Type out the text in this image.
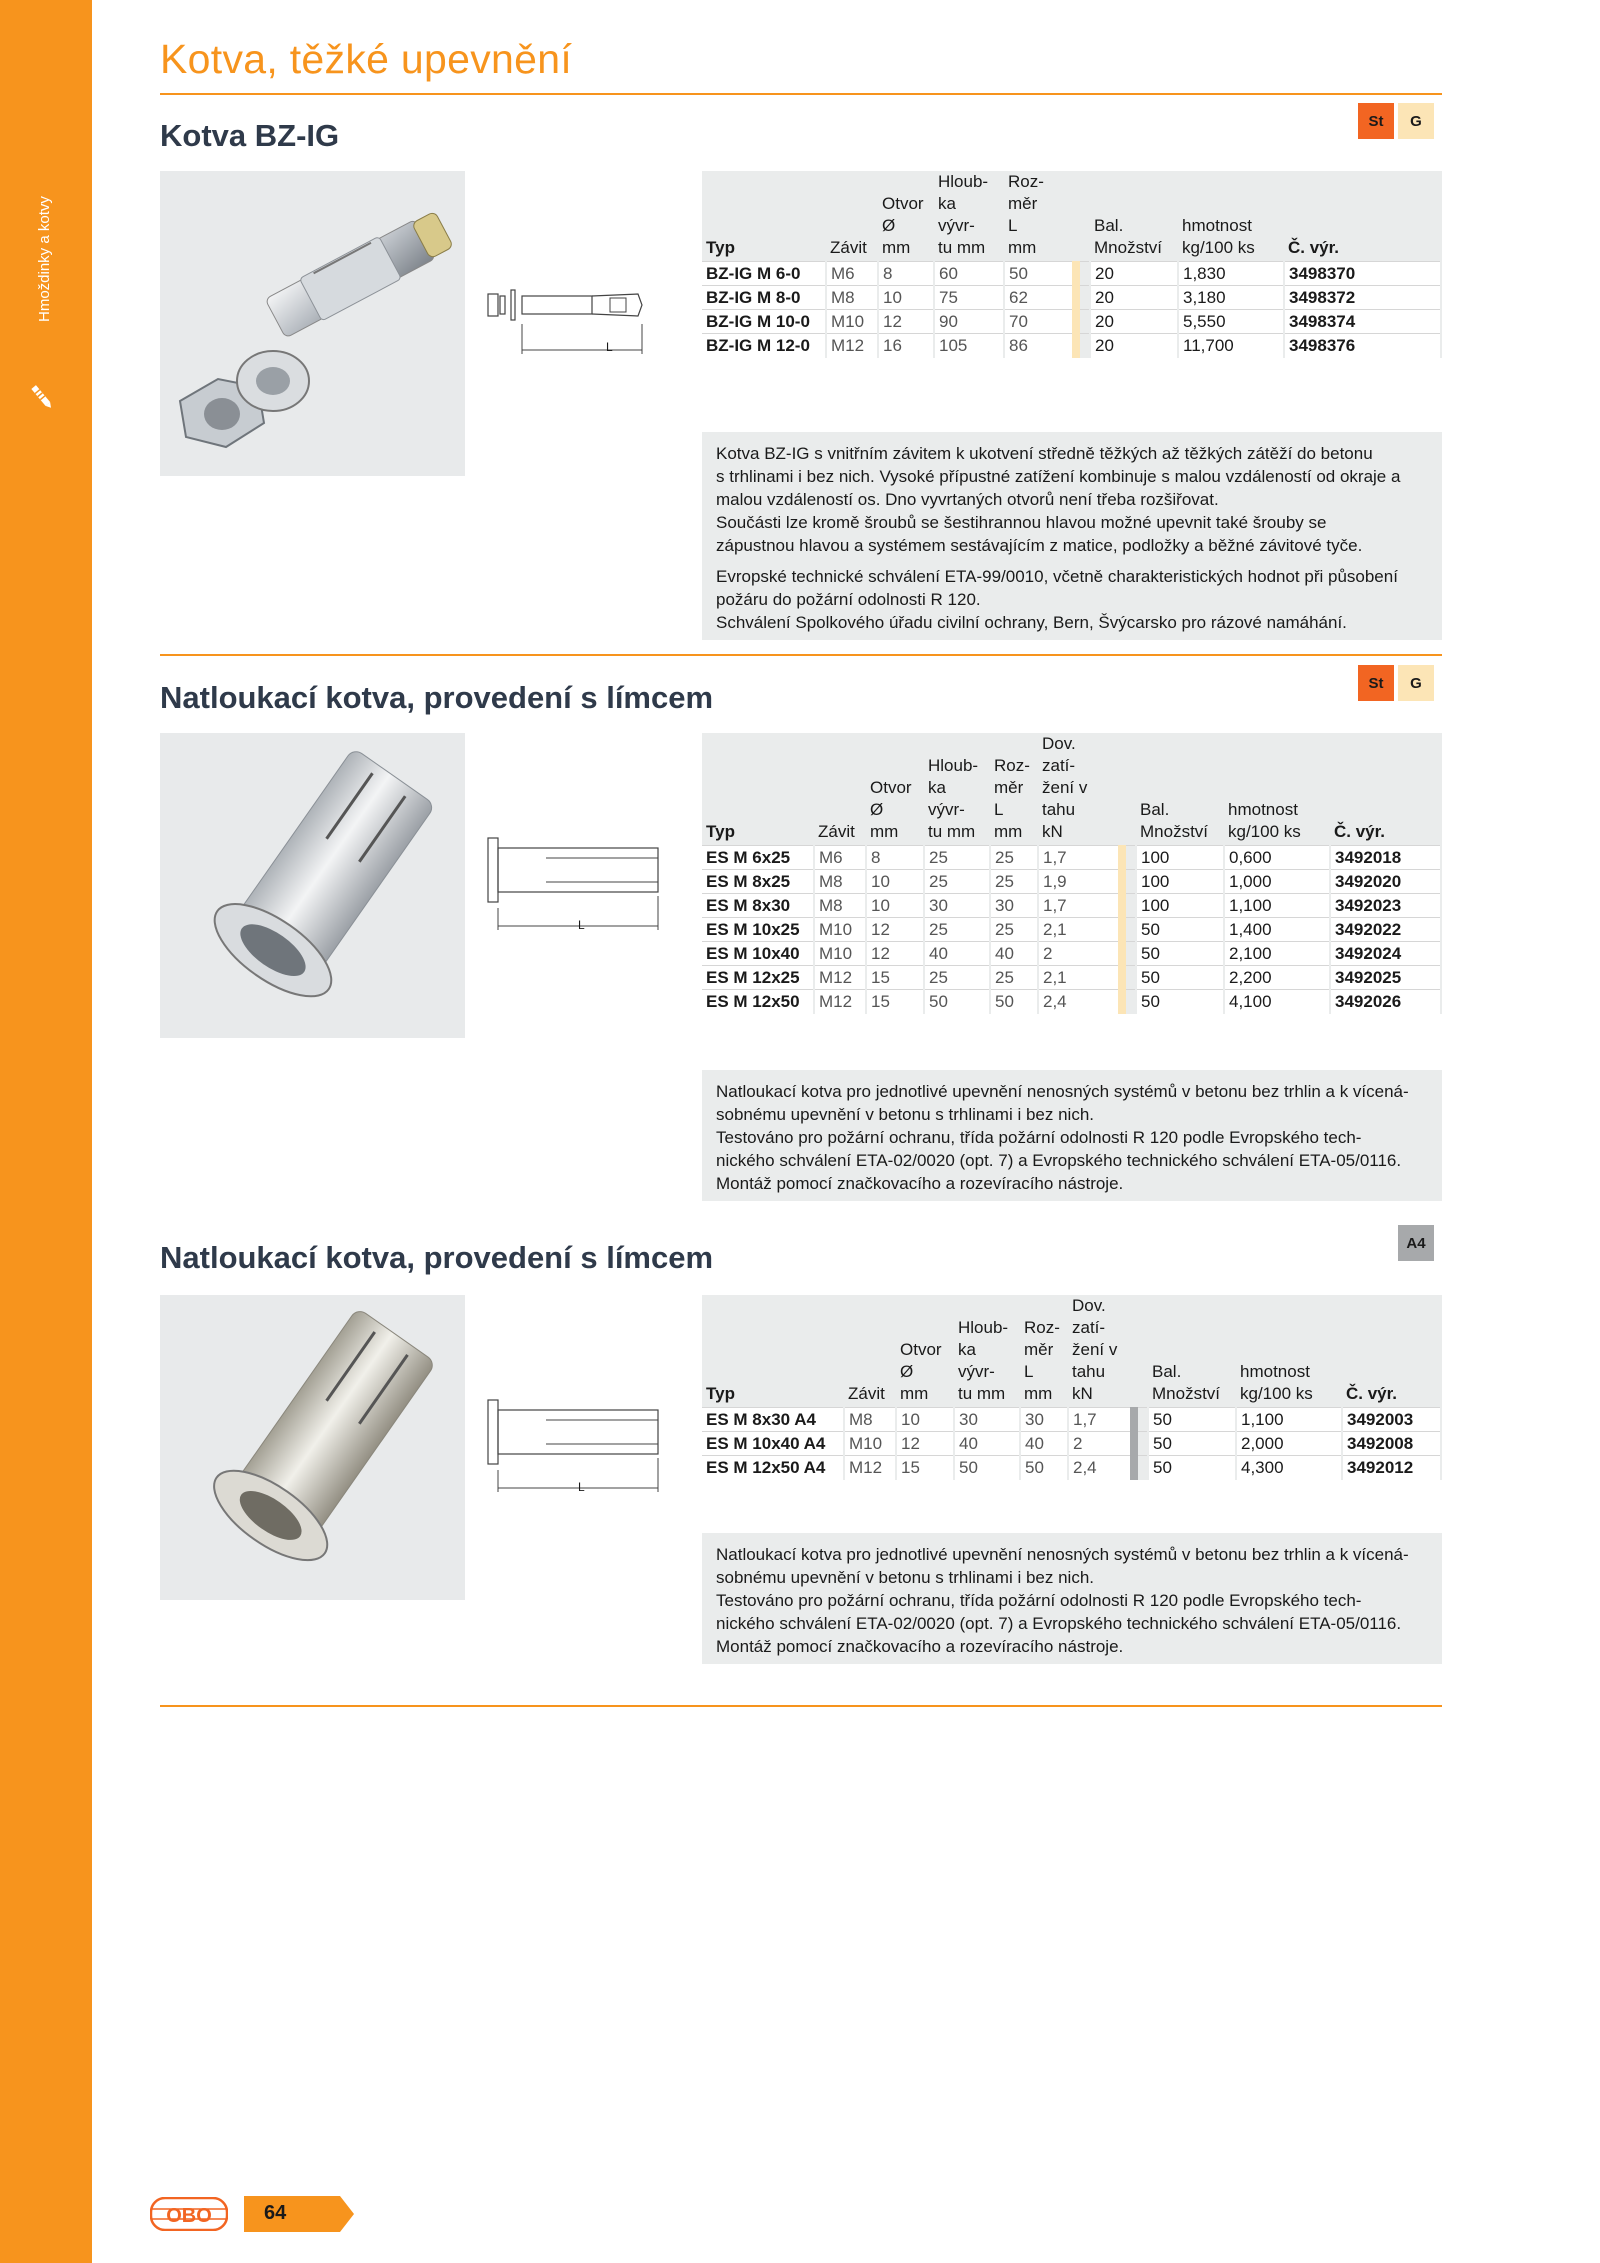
Hmoždinky a kotvy
Kotva, těžké upevnění
Kotva BZ-IG	St	G
L
Typ	Závit	Otvor Ø mm	Hloub-ka vývr-tu mm	Roz-měr L mm		Bal. Množství	hmotnost kg/100 ks	Č. výr.
BZ-IG M 6-0	M6	8	60	50		20	1,830	3498370
BZ-IG M 8-0	M8	10	75	62		20	3,180	3498372
BZ-IG M 10-0	M10	12	90	70		20	5,550	3498374
BZ-IG M 12-0	M12	16	105	86		20	11,700	3498376

Kotva BZ-IG s vnitřním závitem k ukotvení středně těžkých až těžkých zátěží do betonu

s trhlinami i bez nich. Vysoké přípustné zatížení kombinuje s malou vzdáleností od okraje a

malou vzdáleností os. Dno vyvrtaných otvorů není třeba rozšiřovat.

Součásti lze kromě šroubů se šestihrannou hlavou možné upevnit také šrouby se

zápustnou hlavou a systémem sestávajícím z matice, podložky a běžné závitové tyče.

Evropské technické schválení ETA-99/0010, včetně charakteristických hodnot při působení

požáru do požární odolnosti R 120.

Schválení Spolkového úřadu civilní ochrany, Bern, Švýcarsko pro rázové namáhání.

Natloukací kotva, provedení s límcem	St	G
L
Typ	Závit	Otvor Ø mm	Hloub-ka vývr-tu mm	Roz-měr L mm	Dov. zatí-žení v tahu kN		Bal. Množství	hmotnost kg/100 ks	Č. výr.
ES M 6x25	M6	8	25	25	1,7		100	0,600	3492018
ES M 8x25	M8	10	25	25	1,9		100	1,000	3492020
ES M 8x30	M8	10	30	30	1,7		100	1,100	3492023
ES M 10x25	M10	12	25	25	2,1		50	1,400	3492022
ES M 10x40	M10	12	40	40	2		50	2,100	3492024
ES M 12x25	M12	15	25	25	2,1		50	2,200	3492025
ES M 12x50	M12	15	50	50	2,4		50	4,100	3492026

Natloukací kotva pro jednotlivé upevnění nenosných systémů v betonu bez trhlin a k vícená-

sobnému upevnění v betonu s trhlinami i bez nich.

Testováno pro požární ochranu, třída požární odolnosti R 120 podle Evropského tech-

nického schválení ETA-02/0020 (opt. 7) a Evropského technického schválení ETA-05/0116.

Montáž pomocí značkovacího a rozevíracího nástroje.

Natloukací kotva, provedení s límcem	A4
L
Typ	Závit	Otvor Ø mm	Hloub-ka vývr-tu mm	Roz-měr L mm	Dov. zatí-žení v tahu kN		Bal. Množství	hmotnost kg/100 ks	Č. výr.
ES M 8x30 A4	M8	10	30	30	1,7		50	1,100	3492003
ES M 10x40 A4	M10	12	40	40	2		50	2,000	3492008
ES M 12x50 A4	M12	15	50	50	2,4		50	4,300	3492012

Natloukací kotva pro jednotlivé upevnění nenosných systémů v betonu bez trhlin a k vícená-

sobnému upevnění v betonu s trhlinami i bez nich.

Testováno pro požární ochranu, třída požární odolnosti R 120 podle Evropského tech-

nického schválení ETA-02/0020 (opt. 7) a Evropského technického schválení ETA-05/0116.

Montáž pomocí značkovacího a rozevíracího nástroje.

OBO	64
